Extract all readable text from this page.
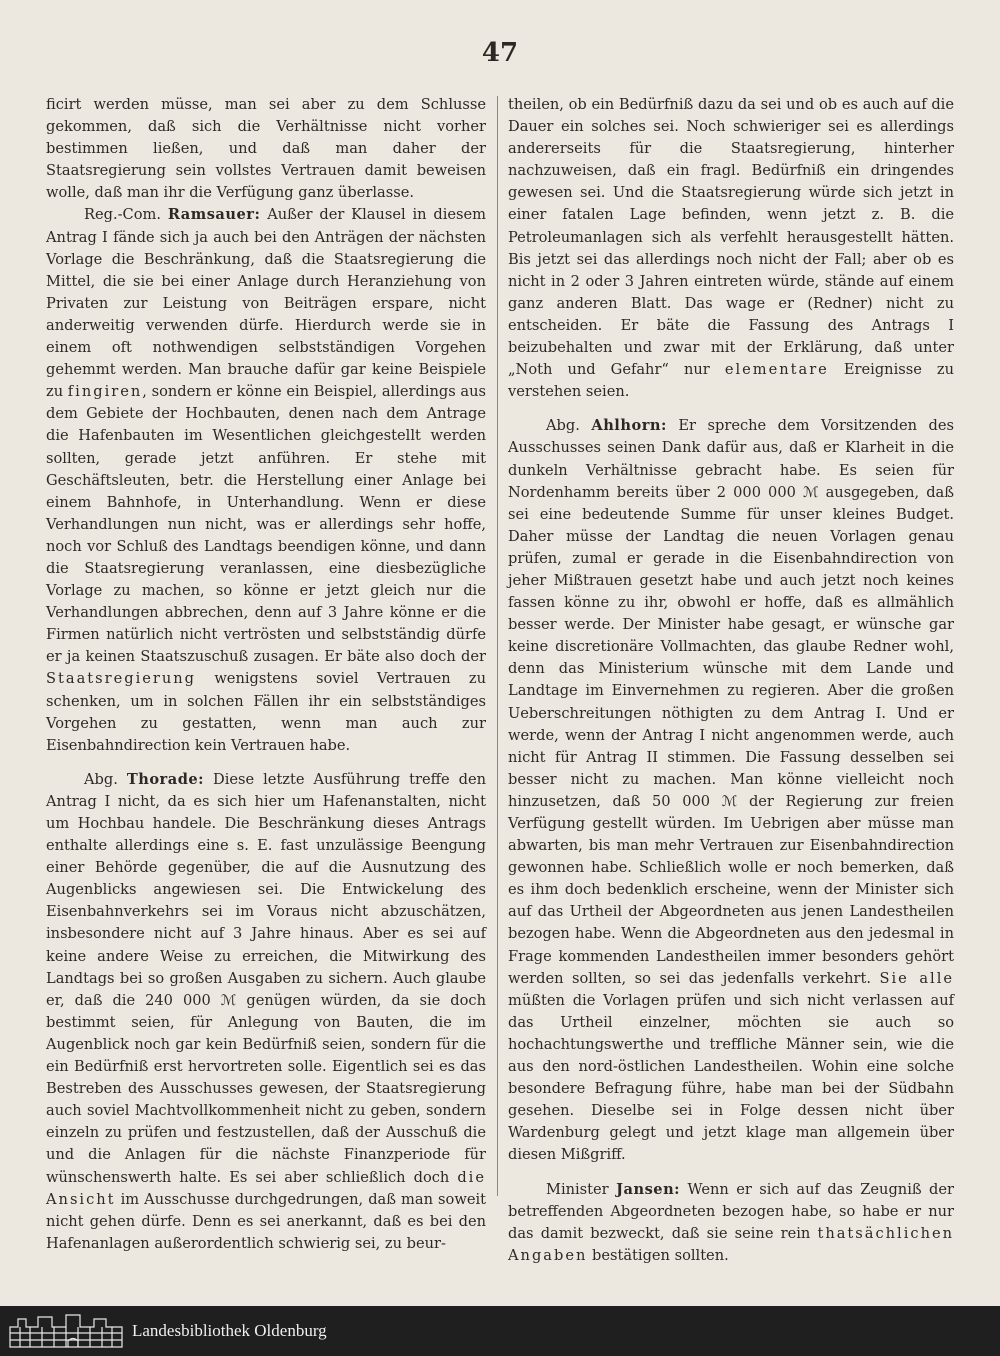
47

ficirt werden müsse, man sei aber zu dem Schlusse gekommen, daß sich die Verhältnisse nicht vorher bestimmen ließen, und daß man daher der Staatsregierung sein vollstes Vertrauen damit beweisen wolle, daß man ihr die Verfügung ganz überlasse.

Reg.-Com. Ramsauer: Außer der Klausel in diesem Antrag I fände sich ja auch bei den Anträgen der nächsten Vorlage die Beschränkung, daß die Staatsregierung die Mittel, die sie bei einer Anlage durch Heranziehung von Privaten zur Leistung von Beiträgen erspare, nicht anderweitig verwenden dürfe. Hierdurch werde sie in einem oft nothwendigen selbstständigen Vorgehen gehemmt werden. Man brauche dafür gar keine Beispiele zu fingiren, sondern er könne ein Beispiel, allerdings aus dem Gebiete der Hochbauten, denen nach dem Antrage die Hafenbauten im Wesentlichen gleichgestellt werden sollten, gerade jetzt anführen. Er stehe mit Geschäftsleuten, betr. die Herstellung einer Anlage bei einem Bahnhofe, in Unterhandlung. Wenn er diese Verhandlungen nun nicht, was er allerdings sehr hoffe, noch vor Schluß des Landtags beendigen könne, und dann die Staatsregierung veranlassen, eine diesbezügliche Vorlage zu machen, so könne er jetzt gleich nur die Verhandlungen abbrechen, denn auf 3 Jahre könne er die Firmen natürlich nicht vertrösten und selbstständig dürfe er ja keinen Staatszuschuß zusagen. Er bäte also doch der Staatsregierung wenigstens soviel Vertrauen zu schenken, um in solchen Fällen ihr ein selbstständiges Vorgehen zu gestatten, wenn man auch zur Eisenbahndirection kein Vertrauen habe.

Abg. Thorade: Diese letzte Ausführung treffe den Antrag I nicht, da es sich hier um Hafenanstalten, nicht um Hochbau handele. Die Beschränkung dieses Antrags enthalte allerdings eine s. E. fast unzulässige Beengung einer Behörde gegenüber, die auf die Ausnutzung des Augenblicks angewiesen sei. Die Entwickelung des Eisenbahnverkehrs sei im Voraus nicht abzuschätzen, insbesondere nicht auf 3 Jahre hinaus. Aber es sei auf keine andere Weise zu erreichen, die Mitwirkung des Landtags bei so großen Ausgaben zu sichern. Auch glaube er, daß die 240 000 ℳ genügen würden, da sie doch bestimmt seien, für Anlegung von Bauten, die im Augenblick noch gar kein Bedürfniß seien, sondern für die ein Bedürfniß erst hervortreten solle. Eigentlich sei es das Bestreben des Ausschusses gewesen, der Staatsregierung auch soviel Machtvollkommenheit nicht zu geben, sondern einzeln zu prüfen und festzustellen, daß der Ausschuß die und die Anlagen für die nächste Finanzperiode für wünschenswerth halte. Es sei aber schließlich doch die Ansicht im Ausschusse durchgedrungen, daß man soweit nicht gehen dürfe. Denn es sei anerkannt, daß es bei den Hafenanlagen außerordentlich schwierig sei, zu beur-

theilen, ob ein Bedürfniß dazu da sei und ob es auch auf die Dauer ein solches sei. Noch schwieriger sei es allerdings andererseits für die Staatsregierung, hinterher nachzuweisen, daß ein fragl. Bedürfniß ein dringendes gewesen sei. Und die Staatsregierung würde sich jetzt in einer fatalen Lage befinden, wenn jetzt z. B. die Petroleumanlagen sich als verfehlt herausgestellt hätten. Bis jetzt sei das allerdings noch nicht der Fall; aber ob es nicht in 2 oder 3 Jahren eintreten würde, stände auf einem ganz anderen Blatt. Das wage er (Redner) nicht zu entscheiden. Er bäte die Fassung des Antrags I beizubehalten und zwar mit der Erklärung, daß unter „Noth und Gefahr“ nur elementare Ereignisse zu verstehen seien.

Abg. Ahlhorn: Er spreche dem Vorsitzenden des Ausschusses seinen Dank dafür aus, daß er Klarheit in die dunkeln Verhältnisse gebracht habe. Es seien für Nordenhamm bereits über 2 000 000 ℳ ausgegeben, daß sei eine bedeutende Summe für unser kleines Budget. Daher müsse der Landtag die neuen Vorlagen genau prüfen, zumal er gerade in die Eisenbahndirection von jeher Mißtrauen gesetzt habe und auch jetzt noch keines fassen könne zu ihr, obwohl er hoffe, daß es allmählich besser werde. Der Minister habe gesagt, er wünsche gar keine discretionäre Vollmachten, das glaube Redner wohl, denn das Ministerium wünsche mit dem Lande und Landtage im Einvernehmen zu regieren. Aber die großen Ueberschreitungen nöthigten zu dem Antrag I. Und er werde, wenn der Antrag I nicht angenommen werde, auch nicht für Antrag II stimmen. Die Fassung desselben sei besser nicht zu machen. Man könne vielleicht noch hinzusetzen, daß 50 000 ℳ der Regierung zur freien Verfügung gestellt würden. Im Uebrigen aber müsse man abwarten, bis man mehr Vertrauen zur Eisenbahndirection gewonnen habe. Schließlich wolle er noch bemerken, daß es ihm doch bedenklich erscheine, wenn der Minister sich auf das Urtheil der Abgeordneten aus jenen Landestheilen bezogen habe. Wenn die Abgeordneten aus den jedesmal in Frage kommenden Landestheilen immer besonders gehört werden sollten, so sei das jedenfalls verkehrt. Sie alle müßten die Vorlagen prüfen und sich nicht verlassen auf das Urtheil einzelner, möchten sie auch so hochachtungswerthe und treffliche Männer sein, wie die aus den nord-östlichen Landestheilen. Wohin eine solche besondere Befragung führe, habe man bei der Südbahn gesehen. Dieselbe sei in Folge dessen nicht über Wardenburg gelegt und jetzt klage man allgemein über diesen Mißgriff.

Minister Jansen: Wenn er sich auf das Zeugniß der betreffenden Abgeordneten bezogen habe, so habe er nur das damit bezweckt, daß sie seine rein thatsächlichen Angaben bestätigen sollten.

Landesbibliothek Oldenburg
